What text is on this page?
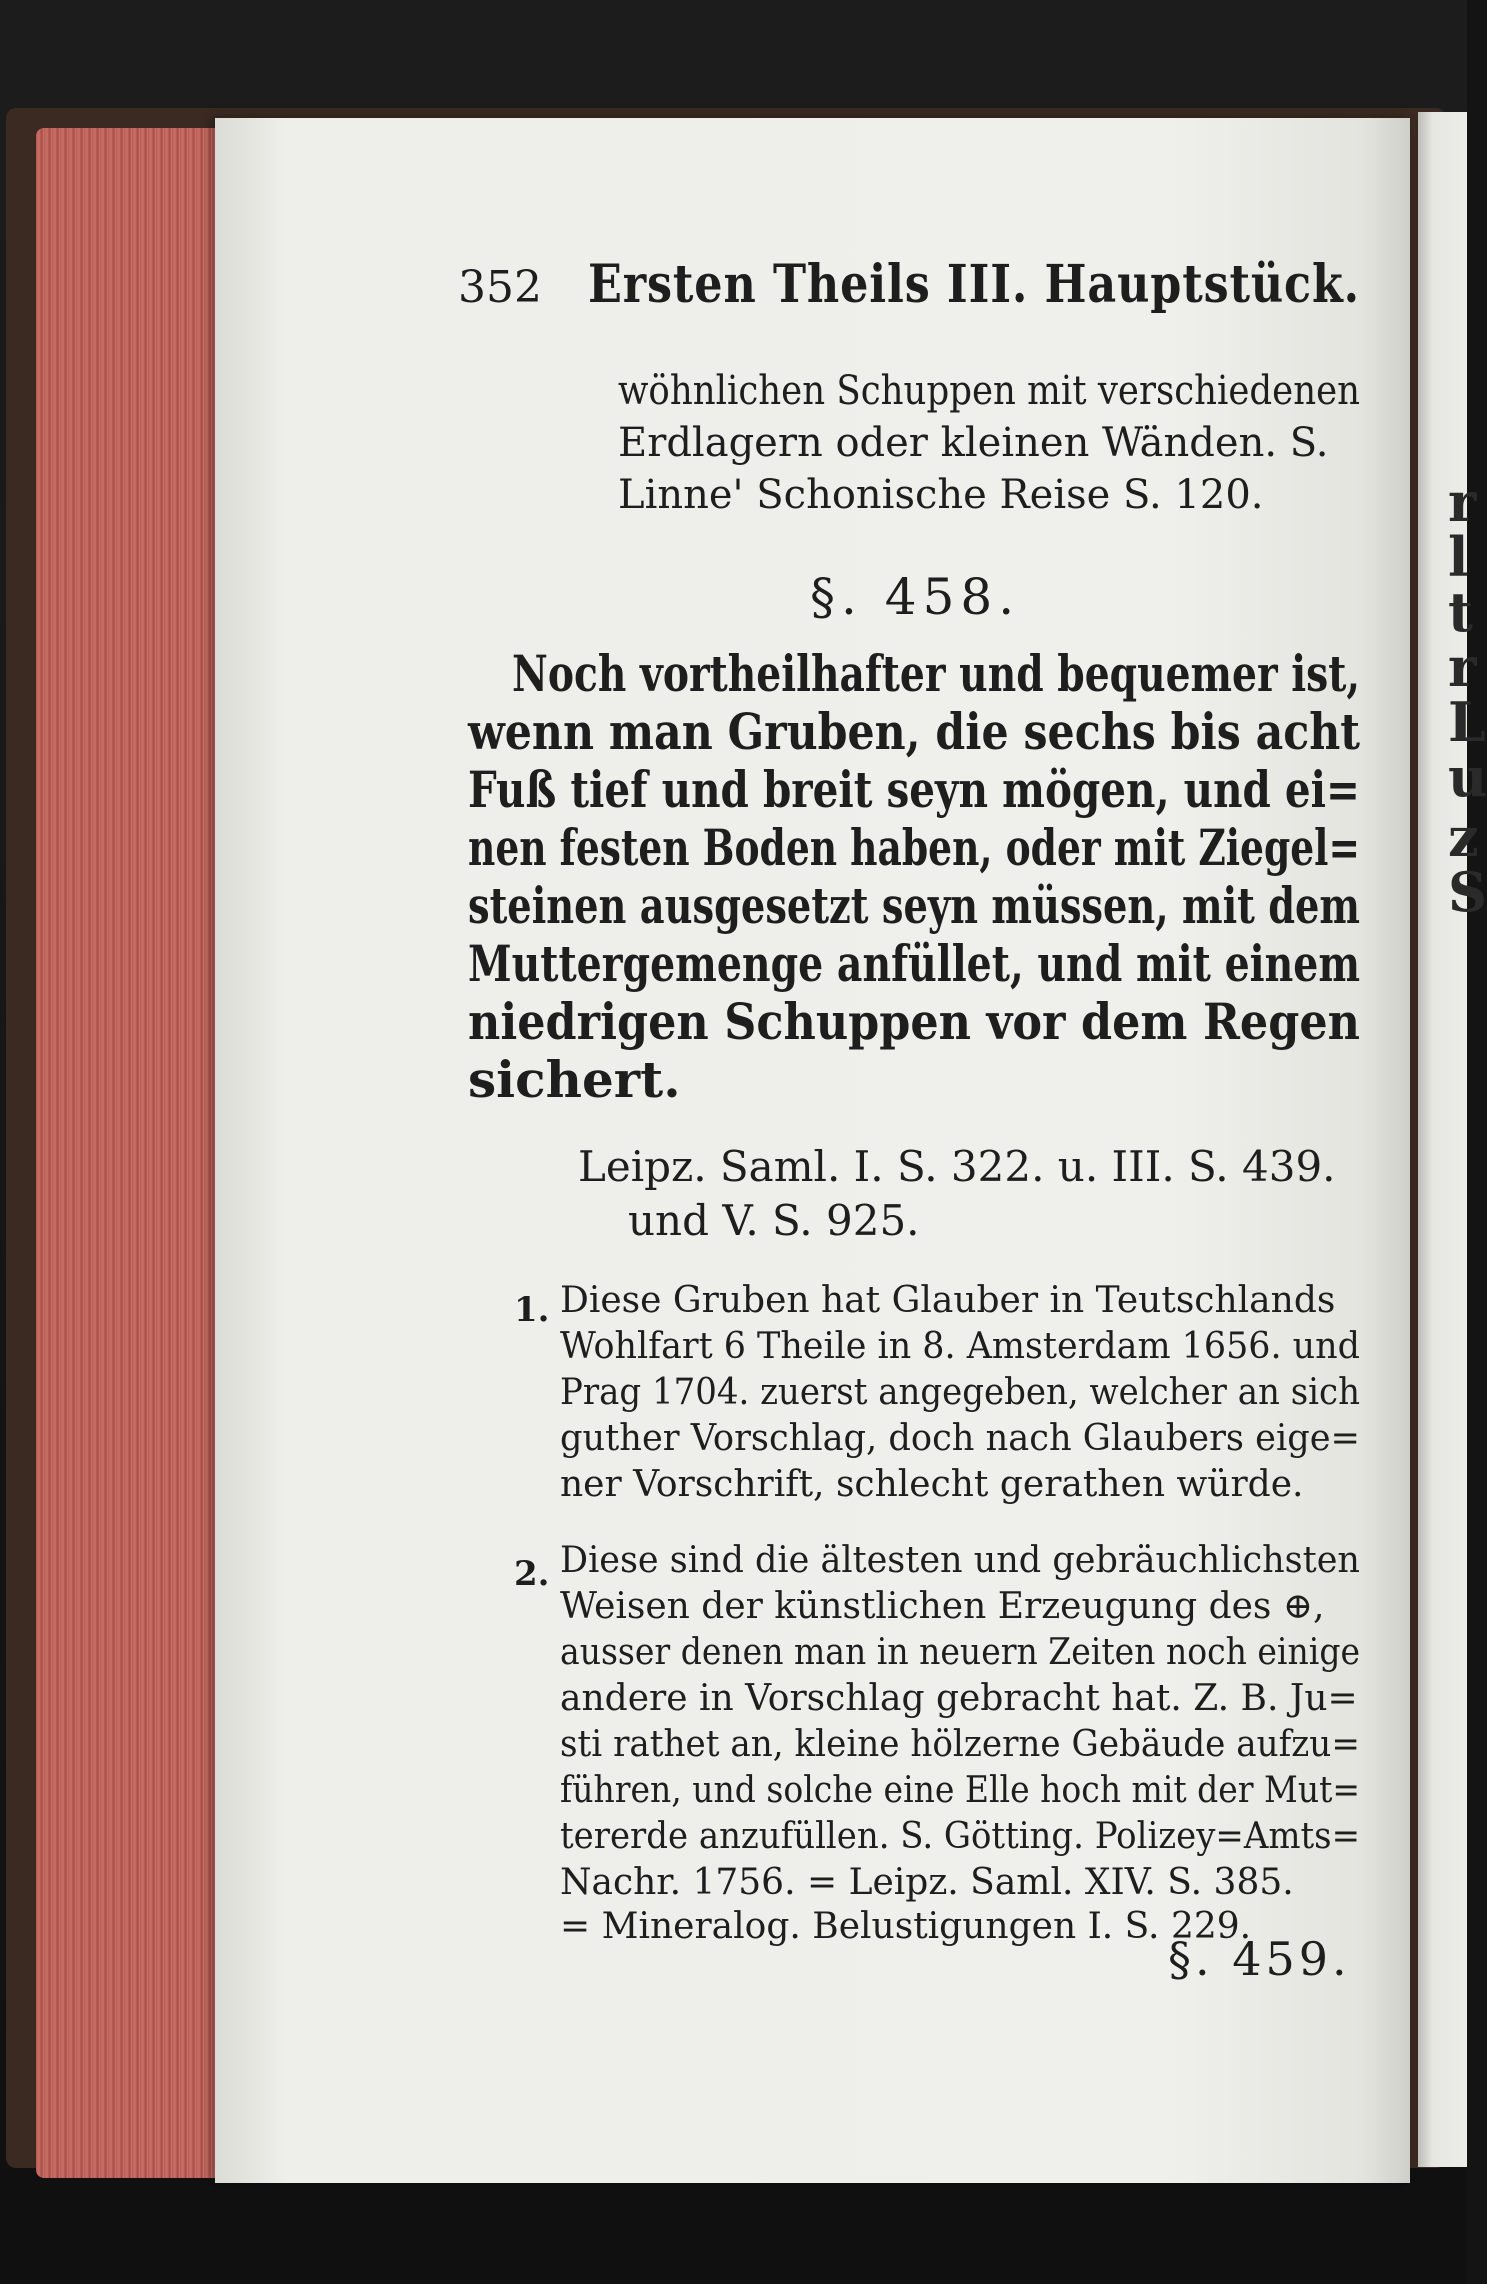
r
l
t
r
L
u
z
S
352 Ersten Theils III. Hauptstück.
wöhnlichen Schuppen mit verschiedenen
Erdlagern oder kleinen Wänden. S.
Linne' Schonische Reise S. 120.
§. 458.
Noch vortheilhafter und bequemer ist,
wenn man Gruben, die sechs bis acht
Fuß tief und breit seyn mögen, und ei=
nen festen Boden haben, oder mit Ziegel=
steinen ausgesetzt seyn müssen, mit dem
Muttergemenge anfüllet, und mit einem
niedrigen Schuppen vor dem Regen
sichert.
Leipz. Saml. I. S. 322. u. III. S. 439.
und V. S. 925.
1. Diese Gruben hat Glauber in Teutschlands
Wohlfart 6 Theile in 8. Amsterdam 1656. und
Prag 1704. zuerst angegeben, welcher an sich
guther Vorschlag, doch nach Glaubers eige=
ner Vorschrift, schlecht gerathen würde.
2. Diese sind die ältesten und gebräuchlichsten
Weisen der künstlichen Erzeugung des ⊕,
ausser denen man in neuern Zeiten noch einige
andere in Vorschlag gebracht hat. Z. B. Ju=
sti rathet an, kleine hölzerne Gebäude aufzu=
führen, und solche eine Elle hoch mit der Mut=
tererde anzufüllen. S. Götting. Polizey=Amts=
Nachr. 1756. = Leipz. Saml. XIV. S. 385.
= Mineralog. Belustigungen I. S. 229.
§. 459.
